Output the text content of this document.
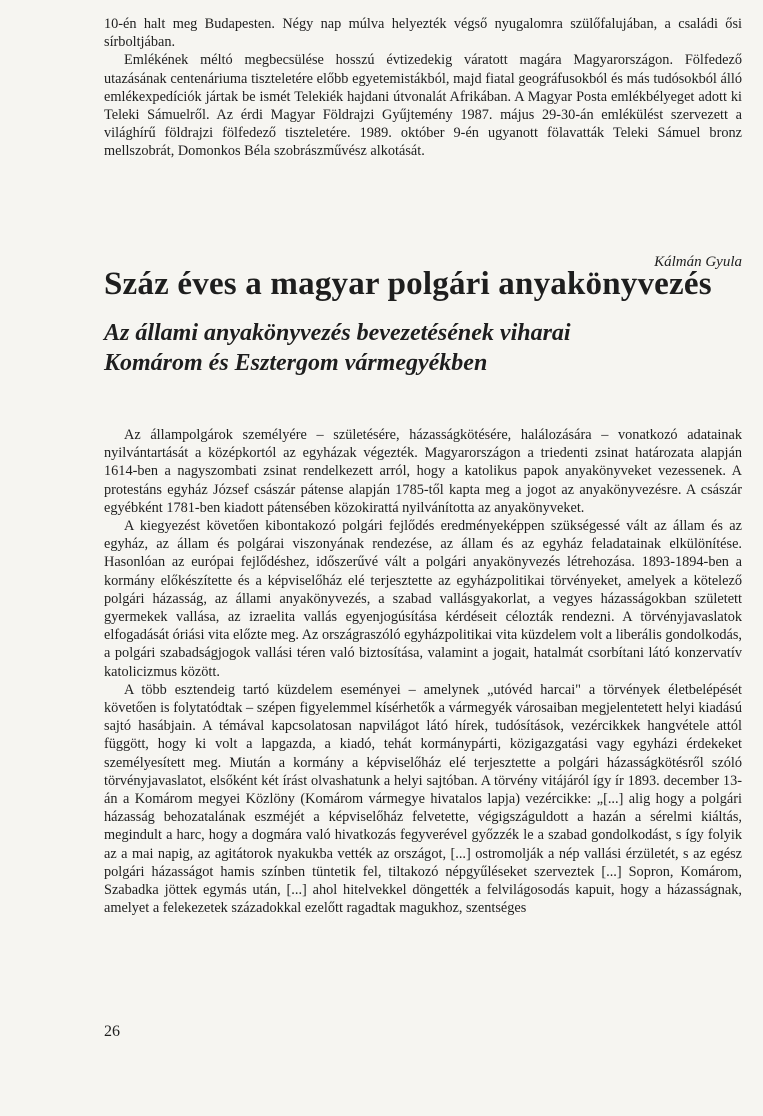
10-én halt meg Budapesten. Négy nap múlva helyezték végső nyugalomra szülőfalujában, a családi ősi sírboltjában.

Emlékének méltó megbecsülése hosszú évtizedekig váratott magára Magyarországon. Fölfedező utazásának centenáriuma tiszteletére előbb egyetemistákból, majd fiatal geográfusokból és más tudósokból álló emlékexpedíciók jártak be ismét Telekiék hajdani útvonalát Afrikában. A Magyar Posta emlékbélyeget adott ki Teleki Sámuelről. Az érdi Magyar Földrajzi Gyűjtemény 1987. május 29-30-án emlékülést szervezett a világhírű földrajzi fölfedező tiszteletére. 1989. október 9-én ugyanott fölavatták Teleki Sámuel bronz mellszobrát, Domonkos Béla szobrászművész alkotását.

Kálmán Gyula
Száz éves a magyar polgári anyakönyvezés
Az állami anyakönyvezés bevezetésének viharai
Komárom és Esztergom vármegyékben

Az állampolgárok személyére – születésére, házasságkötésére, halálozására – vonatkozó adatainak nyilvántartását a középkortól az egyházak végezték. Magyarországon a triedenti zsinat határozata alapján 1614-ben a nagyszombati zsinat rendelkezett arról, hogy a katolikus papok anyakönyveket vezessenek. A protestáns egyház József császár pátense alapján 1785-től kapta meg a jogot az anyakönyvezésre. A császár egyébként 1781-ben kiadott pátensében közokirattá nyilvánította az anyakönyveket.

A kiegyezést követően kibontakozó polgári fejlődés eredményeképpen szükségessé vált az állam és az egyház, az állam és polgárai viszonyának rendezése, az állam és az egyház feladatainak elkülönítése. Hasonlóan az európai fejlődéshez, időszerűvé vált a polgári anyakönyvezés létrehozása. 1893-1894-ben a kormány előkészítette és a képviselőház elé terjesztette az egyházpolitikai törvényeket, amelyek a kötelező polgári házasság, az állami anyakönyvezés, a szabad vallásgyakorlat, a vegyes házasságokban született gyermekek vallása, az izraelita vallás egyenjogúsítása kérdéseit célozták rendezni. A törvényjavaslatok elfogadását óriási vita előzte meg. Az országraszóló egyházpolitikai vita küzdelem volt a liberális gondolkodás, a polgári szabadságjogok vallási téren való biztosítása, valamint a jogait, hatalmát csorbítani látó konzervatív katolicizmus között.

A több esztendeig tartó küzdelem eseményei – amelynek „utóvéd harcai" a törvények életbelépését követően is folytatódtak – szépen figyelemmel kísérhetők a vármegyék városaiban megjelentetett helyi kiadású sajtó hasábjain. A témával kapcsolatosan napvilágot látó hírek, tudósítások, vezércikkek hangvétele attól függött, hogy ki volt a lapgazda, a kiadó, tehát kormánypárti, közigazgatási vagy egyházi érdekeket személyesített meg. Miután a kormány a képviselőház elé terjesztette a polgári házasságkötésről szóló törvényjavaslatot, elsőként két írást olvashatunk a helyi sajtóban. A törvény vitájáról így ír 1893. december 13-án a Komárom megyei Közlöny (Komárom vármegye hivatalos lapja) vezércikke: „[...] alig hogy a polgári házasság behozatalának eszméjét a képviselőház felvetette, végigszáguldott a hazán a sérelmi kiáltás, megindult a harc, hogy a dogmára való hivatkozás fegyverével győzzék le a szabad gondolkodást, s így folyik az a mai napig, az agitátorok nyakukba vették az országot, [...] ostromolják a nép vallási érzületét, s az egész polgári házasságot hamis színben tüntetik fel, tiltakozó népgyűléseket szerveztek [...] Sopron, Komárom, Szabadka jöttek egymás után, [...] ahol hitelvekkel döngették a felvilágosodás kapuit, hogy a házasságnak, amelyet a felekezetek századokkal ezelőtt ragadtak magukhoz, szentséges

26
